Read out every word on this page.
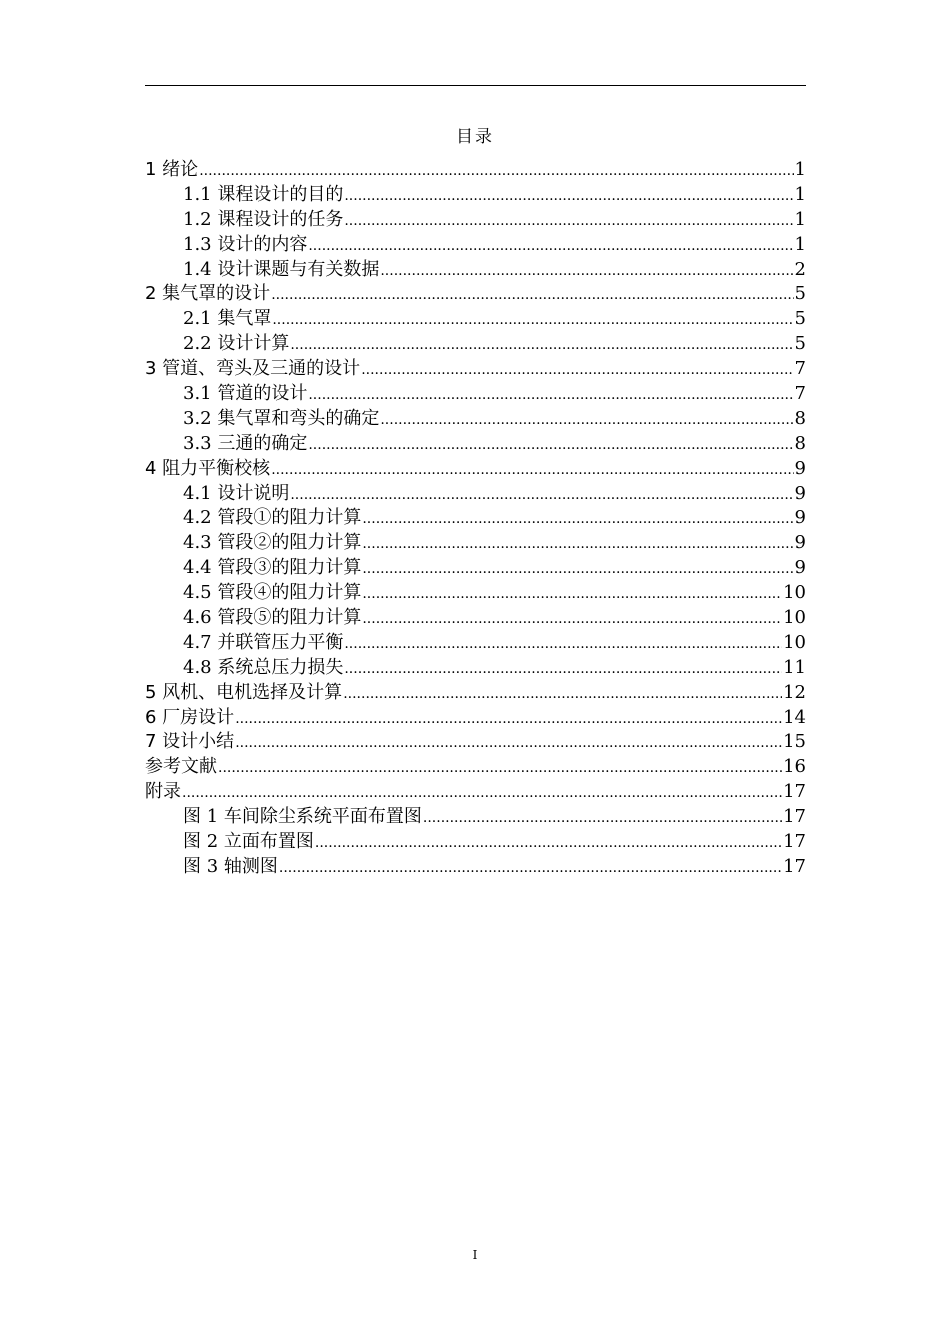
目录
1 绪论 .....	1
1.1 课程设计的目的 .....	1
1.2 课程设计的任务 .....	1
1.3 设计的内容 .....	1
1.4 设计课题与有关数据 .....	2
2 集气罩的设计 .....	5
2.1 集气罩 .....	5
2.2 设计计算 .....	5
3 管道、弯头及三通的设计 .....	7
3.1 管道的设计 .....	7
3.2 集气罩和弯头的确定 .....	8
3.3 三通的确定 .....	8
4 阻力平衡校核 .....	9
4.1 设计说明 .....	9
4.2 管段①的阻力计算 .....	9
4.3 管段②的阻力计算 .....	9
4.4 管段③的阻力计算 .....	9
4.5 管段④的阻力计算 .....	10
4.6 管段⑤的阻力计算 .....	10
4.7 并联管压力平衡 .....	10
4.8 系统总压力损失 .....	11
5 风机、电机选择及计算 .....	12
6 厂房设计 .....	14
7 设计小结 .....	15
参考文献 .....	16
附录 .....	17
图 1 车间除尘系统平面布置图 .....	17
图 2 立面布置图 .....	17
图 3 轴测图 .....	17
I
